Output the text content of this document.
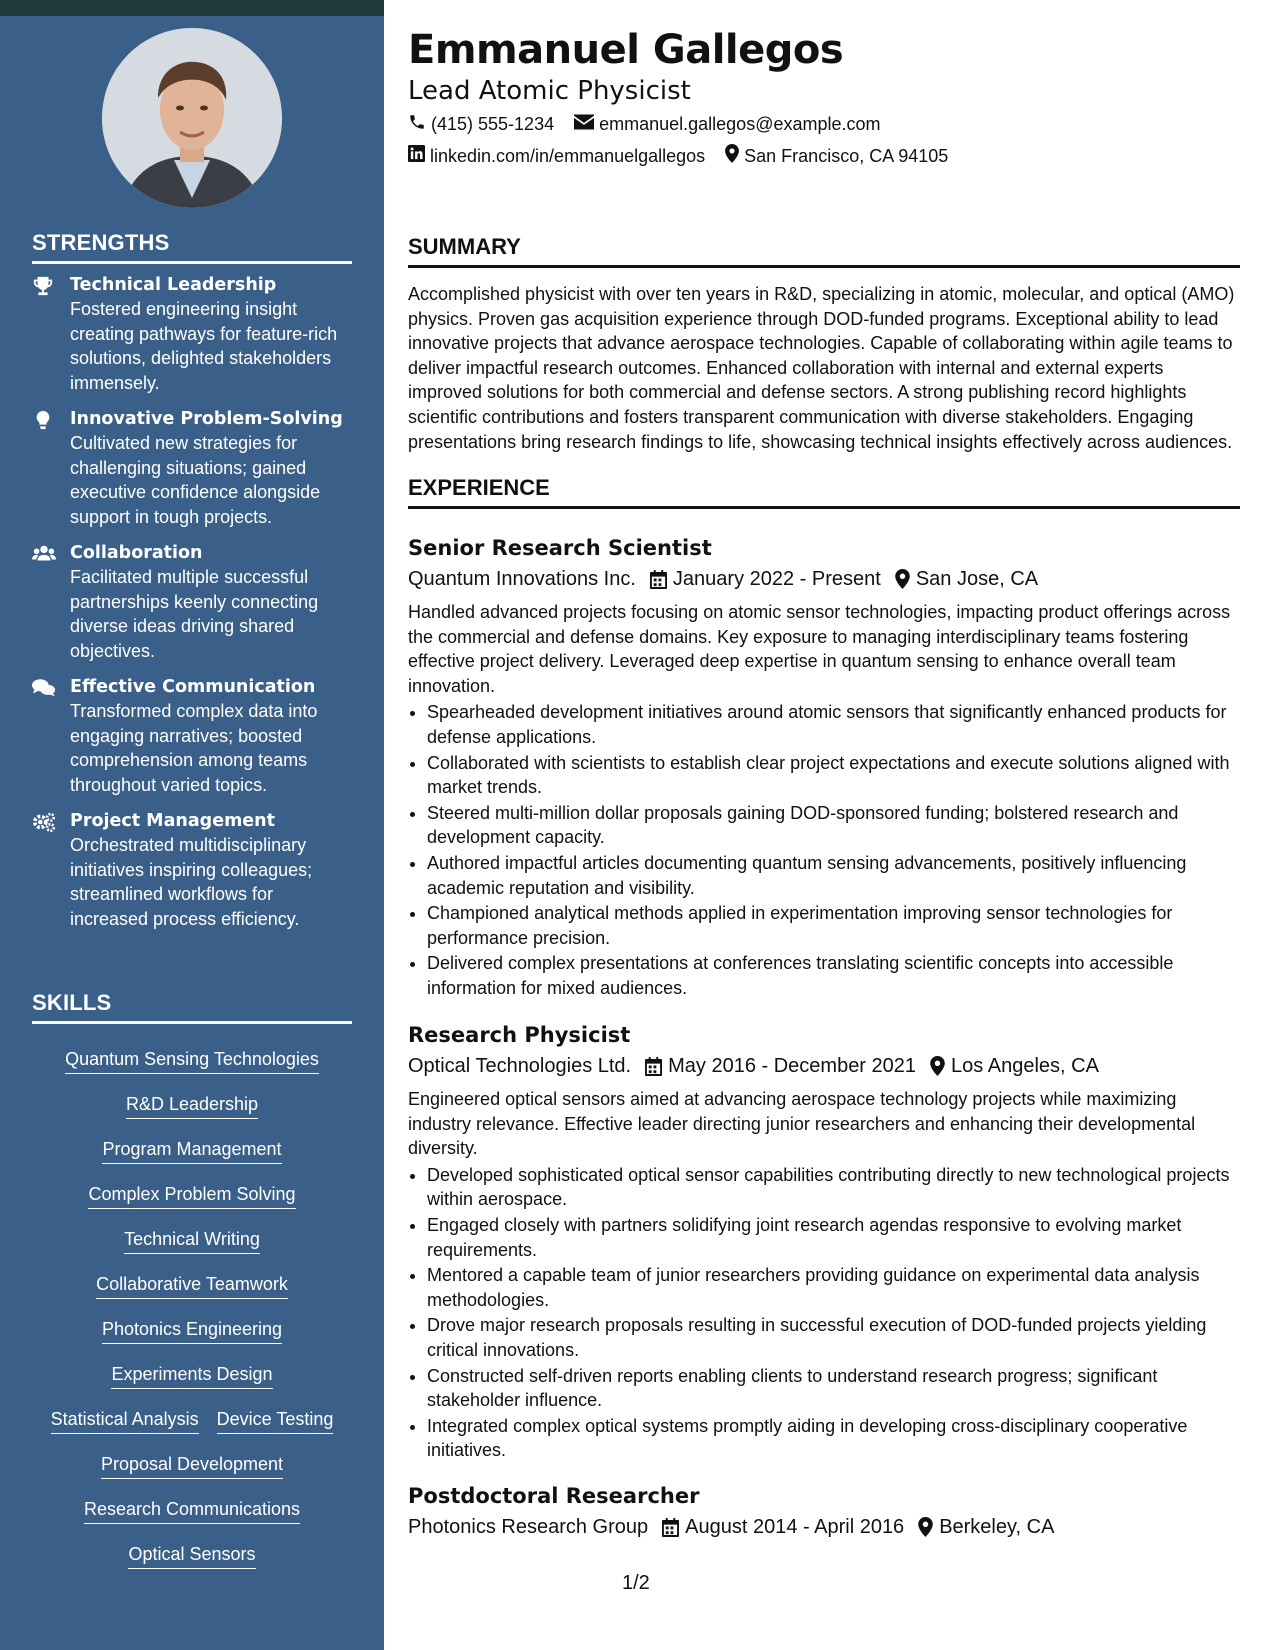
STRENGTHS
Technical Leadership
Fostered engineering insight creating pathways for feature-rich solutions, delighted stakeholders immensely.
Innovative Problem-Solving
Cultivated new strategies for challenging situations; gained executive confidence alongside support in tough projects.
Collaboration
Facilitated multiple successful partnerships keenly connecting diverse ideas driving shared objectives.
Effective Communication
Transformed complex data into engaging narratives; boosted comprehension among teams throughout varied topics.
Project Management
Orchestrated multidisciplinary initiatives inspiring colleagues; streamlined workflows for increased process efficiency.
SKILLS
Quantum Sensing Technologies
R&D Leadership
Program Management
Complex Problem Solving
Technical Writing
Collaborative Teamwork
Photonics Engineering
Experiments Design
Statistical Analysis Device Testing
Proposal Development
Research Communications
Optical Sensors
Emmanuel Gallegos
Lead Atomic Physicist
(415) 555-1234	emmanuel.gallegos@example.com
linkedin.com/in/emmanuelgallegos San Francisco, CA 94105
SUMMARY

Accomplished physicist with over ten years in R&D, specializing in atomic, molecular, and optical (AMO) physics. Proven gas acquisition experience through DOD-funded programs. Exceptional ability to lead innovative projects that advance aerospace technologies. Capable of collaborating within agile teams to deliver impactful research outcomes. Enhanced collaboration with internal and external experts improved solutions for both commercial and defense sectors. A strong publishing record highlights scientific contributions and fosters transparent communication with diverse stakeholders. Engaging presentations bring research findings to life, showcasing technical insights effectively across audiences.

EXPERIENCE
Senior Research Scientist
Quantum Innovations Inc. January 2022 - Present San Jose, CA
Handled advanced projects focusing on atomic sensor technologies, impacting product offerings across the commercial and defense domains. Key exposure to managing interdisciplinary teams fostering effective project delivery. Leveraged deep expertise in quantum sensing to enhance overall team innovation.
• Spearheaded development initiatives around atomic sensors that significantly enhanced products for defense applications.
• Collaborated with scientists to establish clear project expectations and execute solutions aligned with market trends.
• Steered multi-million dollar proposals gaining DOD-sponsored funding; bolstered research and development capacity.
• Authored impactful articles documenting quantum sensing advancements, positively influencing academic reputation and visibility.
• Championed analytical methods applied in experimentation improving sensor technologies for performance precision.
• Delivered complex presentations at conferences translating scientific concepts into accessible information for mixed audiences.
Research Physicist
Optical Technologies Ltd. May 2016 - December 2021 Los Angeles, CA
Engineered optical sensors aimed at advancing aerospace technology projects while maximizing industry relevance. Effective leader directing junior researchers and enhancing their developmental diversity.
• Developed sophisticated optical sensor capabilities contributing directly to new technological projects within aerospace.
• Engaged closely with partners solidifying joint research agendas responsive to evolving market requirements.
• Mentored a capable team of junior researchers providing guidance on experimental data analysis methodologies.
• Drove major research proposals resulting in successful execution of DOD-funded projects yielding critical innovations.
• Constructed self-driven reports enabling clients to understand research progress; significant stakeholder influence.
• Integrated complex optical systems promptly aiding in developing cross-disciplinary cooperative initiatives.
Postdoctoral Researcher
Photonics Research Group August 2014 - April 2016 Berkeley, CA
1/2
